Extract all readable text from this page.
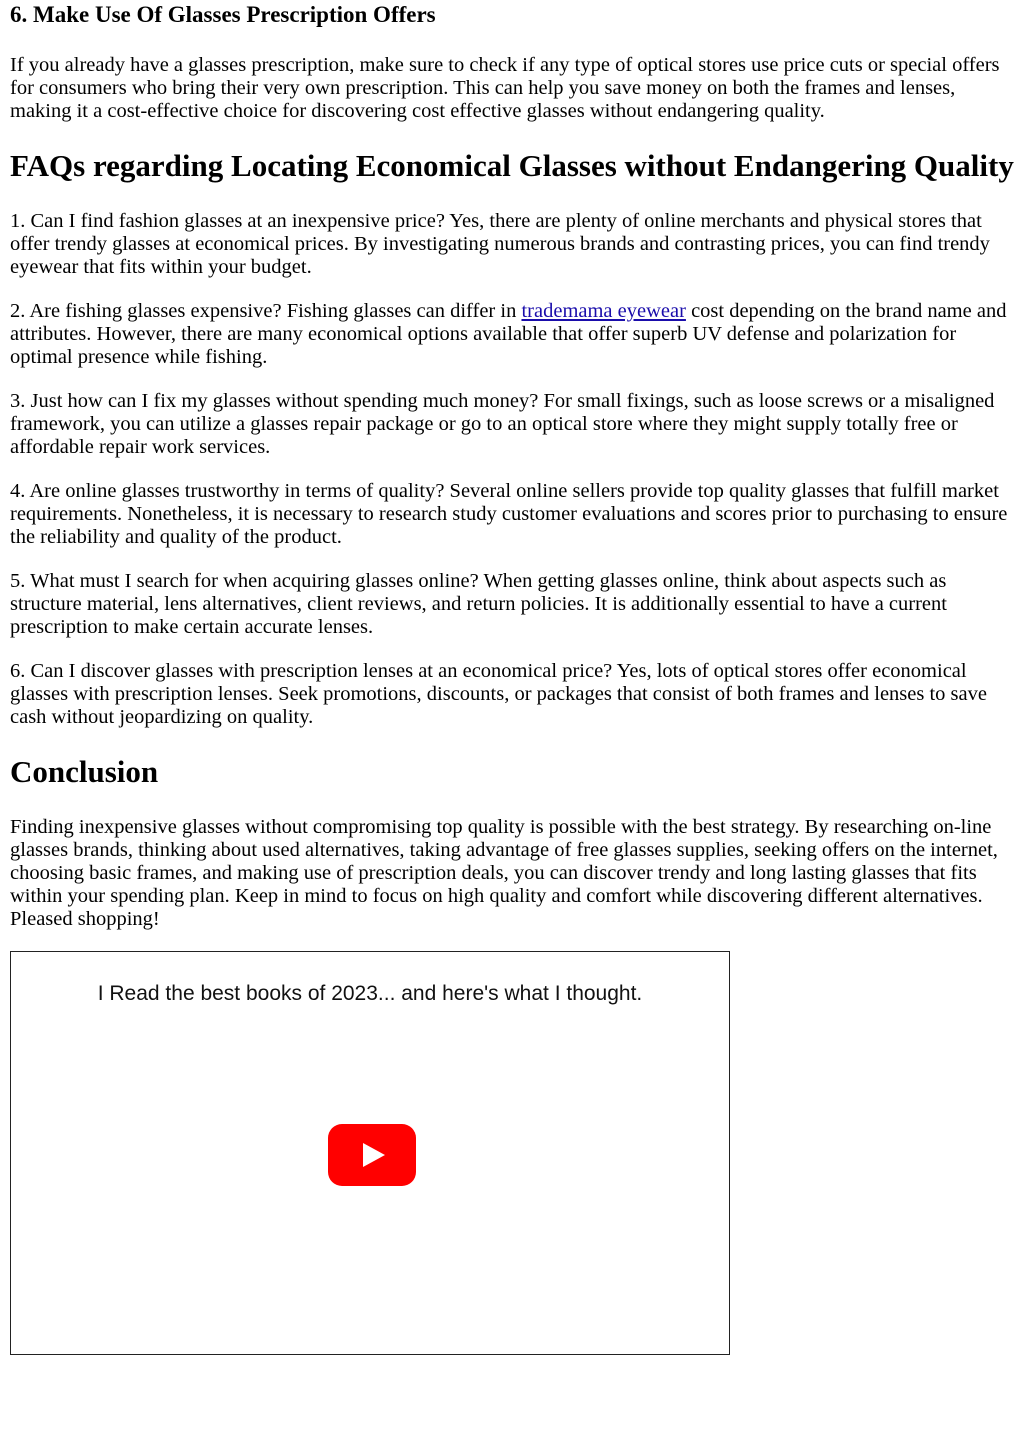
6. Make Use Of Glasses Prescription Offers

If you already have a glasses prescription, make sure to check if any type of optical stores use price cuts or special offers for consumers who bring their very own prescription. This can help you save money on both the frames and lenses, making it a cost-effective choice for discovering cost effective glasses without endangering quality.

FAQs regarding Locating Economical Glasses without Endangering Quality

1. Can I find fashion glasses at an inexpensive price? Yes, there are plenty of online merchants and physical stores that offer trendy glasses at economical prices. By investigating numerous brands and contrasting prices, you can find trendy eyewear that fits within your budget.

2. Are fishing glasses expensive? Fishing glasses can differ in trademama eyewear cost depending on the brand name and attributes. However, there are many economical options available that offer superb UV defense and polarization for optimal presence while fishing.

3. Just how can I fix my glasses without spending much money? For small fixings, such as loose screws or a misaligned framework, you can utilize a glasses repair package or go to an optical store where they might supply totally free or affordable repair work services.

4. Are online glasses trustworthy in terms of quality? Several online sellers provide top quality glasses that fulfill market requirements. Nonetheless, it is necessary to research study customer evaluations and scores prior to purchasing to ensure the reliability and quality of the product.

5. What must I search for when acquiring glasses online? When getting glasses online, think about aspects such as structure material, lens alternatives, client reviews, and return policies. It is additionally essential to have a current prescription to make certain accurate lenses.

6. Can I discover glasses with prescription lenses at an economical price? Yes, lots of optical stores offer economical glasses with prescription lenses. Seek promotions, discounts, or packages that consist of both frames and lenses to save cash without jeopardizing on quality.

Conclusion

Finding inexpensive glasses without compromising top quality is possible with the best strategy. By researching on-line glasses brands, thinking about used alternatives, taking advantage of free glasses supplies, seeking offers on the internet, choosing basic frames, and making use of prescription deals, you can discover trendy and long lasting glasses that fits within your spending plan. Keep in mind to focus on high quality and comfort while discovering different alternatives. Pleased shopping!

I Read the best books of 2023... and here's what I thought.
